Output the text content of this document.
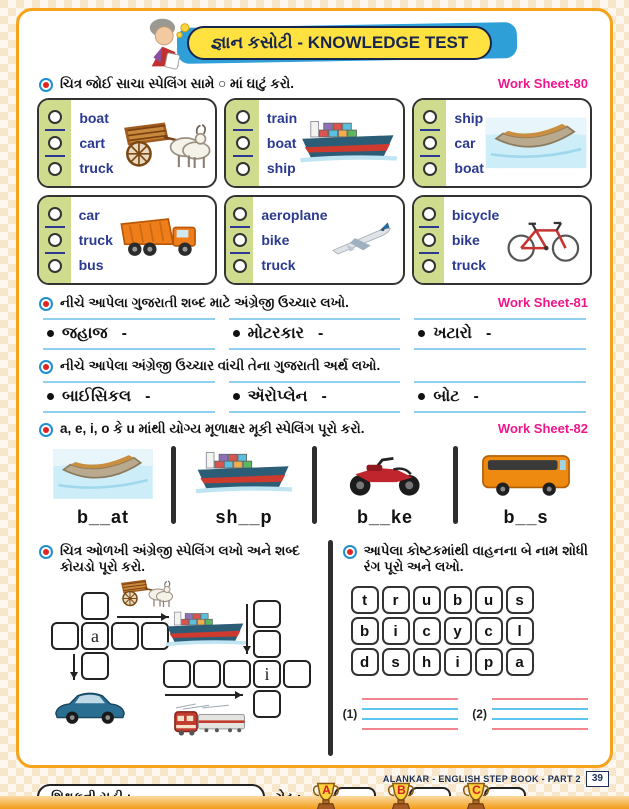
જ્ઞાન કસોટી - KNOWLEDGE TEST
ચિત્ર જોઈ સાચા સ્પેલિંગ સામે ○ માં ઘાટું કરો.	Work Sheet-80
boat
cart
truck
train
boat
ship
ship
car
boat
car
truck
bus
aeroplane
bike
truck
bicycle
bike
truck
નીચે આપેલા ગુજરાતી શબ્દ માટે અંગ્રેજી ઉચ્ચાર લખો.	Work Sheet-81
જહાજ -	મોટરકાર -	ખટારો -
નીચે આપેલા અંગ્રેજી ઉચ્ચાર વાંચી તેના ગુજરાતી અર્થ લખો.
બાઈસિકલ -	ઍરોપ્લેન -	બોટ -
a, e, i, o કે u માંથી યોગ્ય મૂળાક્ષર મૂકી સ્પેલિંગ પૂરો કરો.	Work Sheet-82
b__at	sh__p	b__ke	b__s
ચિત્ર ઓળખી અંગ્રેજી સ્પેલિંગ લખો અને શબ્દ કોયડો પૂરો કરો.
a
i
આપેલા કોષ્ટકમાંથી વાહનના બે નામ શોધી રંગ પૂરો અને લખો.
t	r	u	b	u	s
b	i	c	y	c	l
d	s	h	i	p	a
(1)	(2)
A	B	C
ALANKAR - ENGLISH STEP BOOK - PART 2	39
